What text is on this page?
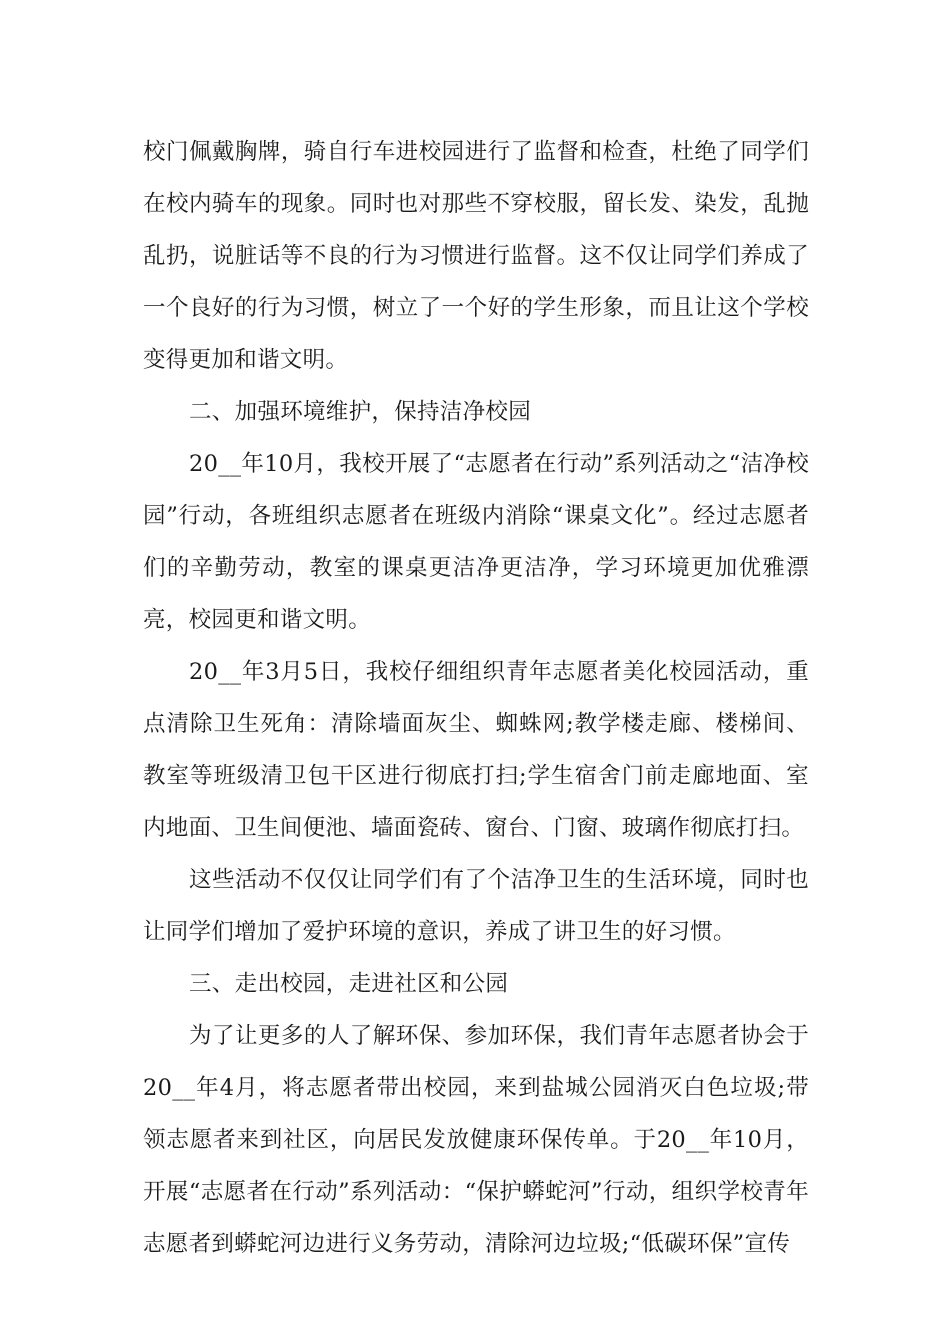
校门佩戴胸牌，骑自行车进校园进行了监督和检查，杜绝了同学们在校内骑车的现象。同时也对那些不穿校服，留长发、染发，乱抛乱扔，说脏话等不良的行为习惯进行监督。这不仅让同学们养成了一个良好的行为习惯，树立了一个好的学生形象，而且让这个学校变得更加和谐文明。

二、加强环境维护，保持洁净校园

20__年10月，我校开展了“志愿者在行动”系列活动之“洁净校园”行动，各班组织志愿者在班级内消除“课桌文化”。经过志愿者们的辛勤劳动，教室的课桌更洁净更洁净，学习环境更加优雅漂亮，校园更和谐文明。

20__年3月5日，我校仔细组织青年志愿者美化校园活动，重点清除卫生死角：清除墙面灰尘、蜘蛛网;教学楼走廊、楼梯间、教室等班级清卫包干区进行彻底打扫;学生宿舍门前走廊地面、室内地面、卫生间便池、墙面瓷砖、窗台、门窗、玻璃作彻底打扫。

这些活动不仅仅让同学们有了个洁净卫生的生活环境，同时也让同学们增加了爱护环境的意识，养成了讲卫生的好习惯。

三、走出校园，走进社区和公园

为了让更多的人了解环保、参加环保，我们青年志愿者协会于20__年4月，将志愿者带出校园，来到盐城公园消灭白色垃圾;带领志愿者来到社区，向居民发放健康环保传单。于20__年10月，开展“志愿者在行动”系列活动：“保护蟒蛇河”行动，组织学校青年志愿者到蟒蛇河边进行义务劳动，清除河边垃圾;“低碳环保”宣传
